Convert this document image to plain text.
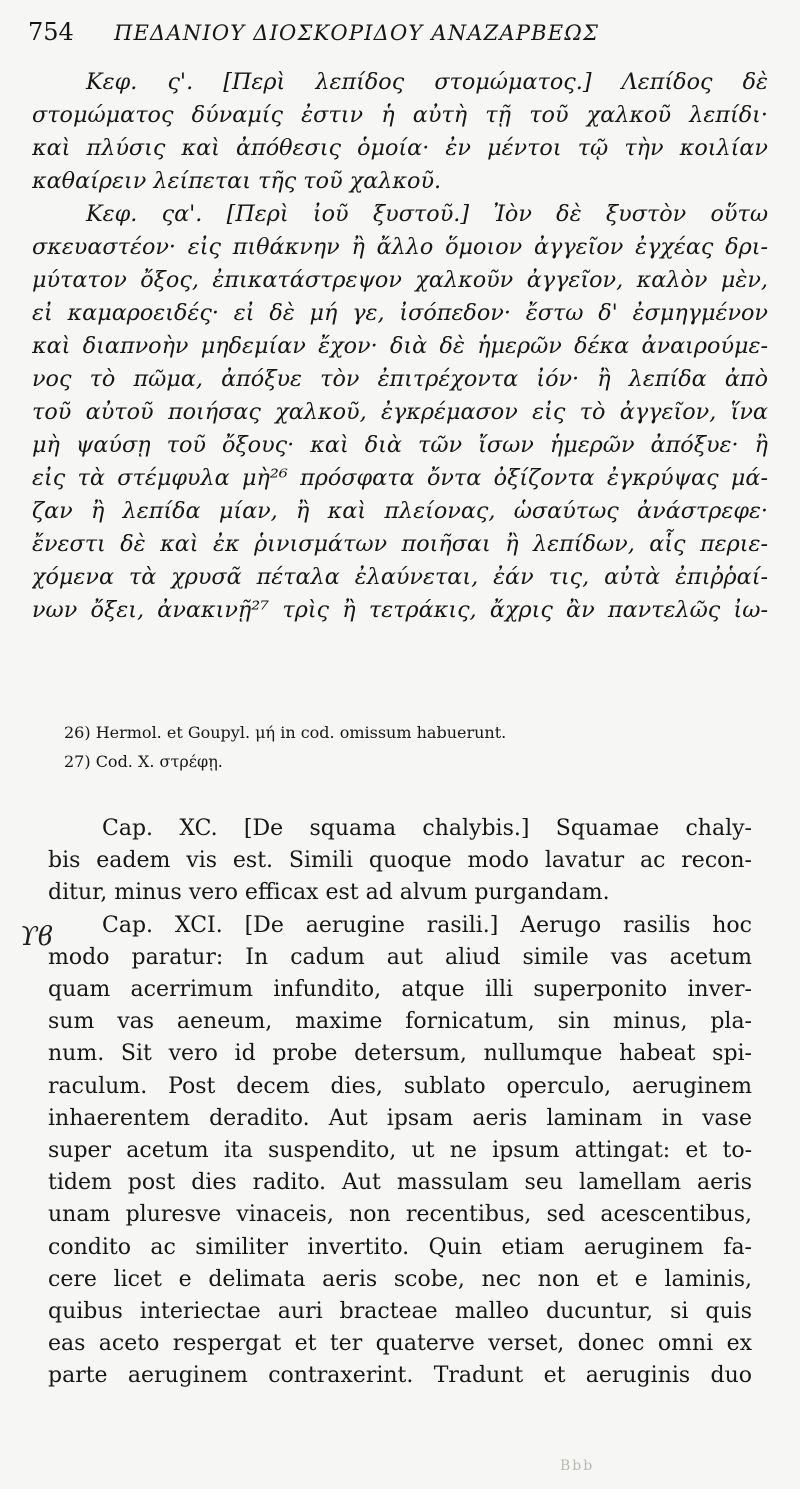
754	ΠΕΔΑΝΙΟΥ ΔΙΟΣΚΟΡΙΔΟΥ ΑΝΑΖΑΡΒΕΩΣ
Κεφ. ς'. [Περὶ λεπίδος στομώματος.] Λεπίδος δὲ
στομώματος δύναμίς ἐστιν ἡ αὐτὴ τῇ τοῦ χαλκοῦ λεπίδι·
καὶ πλύσις καὶ ἀπόθεσις ὁμοία· ἐν μέντοι τῷ τὴν κοιλίαν
καθαίρειν λείπεται τῆς τοῦ χαλκοῦ.
Κεφ. ςα'. [Περὶ ἰοῦ ξυστοῦ.] Ἰὸν δὲ ξυστὸν οὕτω
σκευαστέον· εἰς πιθάκνην ἢ ἄλλο ὅμοιον ἀγγεῖον ἐγχέας δρι-
μύτατον ὄξος, ἐπικατάστρεψον χαλκοῦν ἀγγεῖον, καλὸν μὲν,
εἰ καμαροειδές· εἰ δὲ μή γε, ἰσόπεδον· ἔστω δ' ἐσμηγμένον
καὶ διαπνοὴν μηδεμίαν ἔχον· διὰ δὲ ἡμερῶν δέκα ἀναιρούμε-
νος τὸ πῶμα, ἀπόξυε τὸν ἐπιτρέχοντα ἰόν· ἢ λεπίδα ἀπὸ
τοῦ αὐτοῦ ποιήσας χαλκοῦ, ἐγκρέμασον εἰς τὸ ἀγγεῖον, ἵνα
μὴ ψαύσῃ τοῦ ὄξους· καὶ διὰ τῶν ἴσων ἡμερῶν ἀπόξυε· ἢ
εἰς τὰ στέμφυλα μὴ²⁶ πρόσφατα ὄντα ὀξίζοντα ἐγκρύψας μά-
ζαν ἢ λεπίδα μίαν, ἢ καὶ πλείονας, ὡσαύτως ἀνάστρεφε·
ἔνεστι δὲ καὶ ἐκ ῥινισμάτων ποιῆσαι ἢ λεπίδων, αἷς περιε-
χόμενα τὰ χρυσᾶ πέταλα ἐλαύνεται, ἐάν τις, αὐτὰ ἐπιῤῥαί-
νων ὄξει, ἀνακινῇ²⁷ τρὶς ἢ τετράκις, ἄχρις ἂν παντελῶς ἰω-
26) Hermol. et Goupyl. μή in cod. omissum habuerunt.
27) Cod. X. στρέφῃ.
ϒϐ
Cap. XC. [De squama chalybis.] Squamae chaly-
bis eadem vis est. Simili quoque modo lavatur ac recon-
ditur, minus vero efficax est ad alvum purgandam.
Cap. XCI. [De aerugine rasili.] Aerugo rasilis hoc
modo paratur: In cadum aut aliud simile vas acetum
quam acerrimum infundito, atque illi superponito inver-
sum vas aeneum, maxime fornicatum, sin minus, pla-
num. Sit vero id probe detersum, nullumque habeat spi-
raculum. Post decem dies, sublato operculo, aeruginem
inhaerentem deradito. Aut ipsam aeris laminam in vase
super acetum ita suspendito, ut ne ipsum attingat: et to-
tidem post dies radito. Aut massulam seu lamellam aeris
unam pluresve vinaceis, non recentibus, sed acescentibus,
condito ac similiter invertito. Quin etiam aeruginem fa-
cere licet e delimata aeris scobe, nec non et e laminis,
quibus interiectae auri bracteae malleo ducuntur, si quis
eas aceto respergat et ter quaterve verset, donec omni ex
parte aeruginem contraxerint. Tradunt et aeruginis duo
Bbb
